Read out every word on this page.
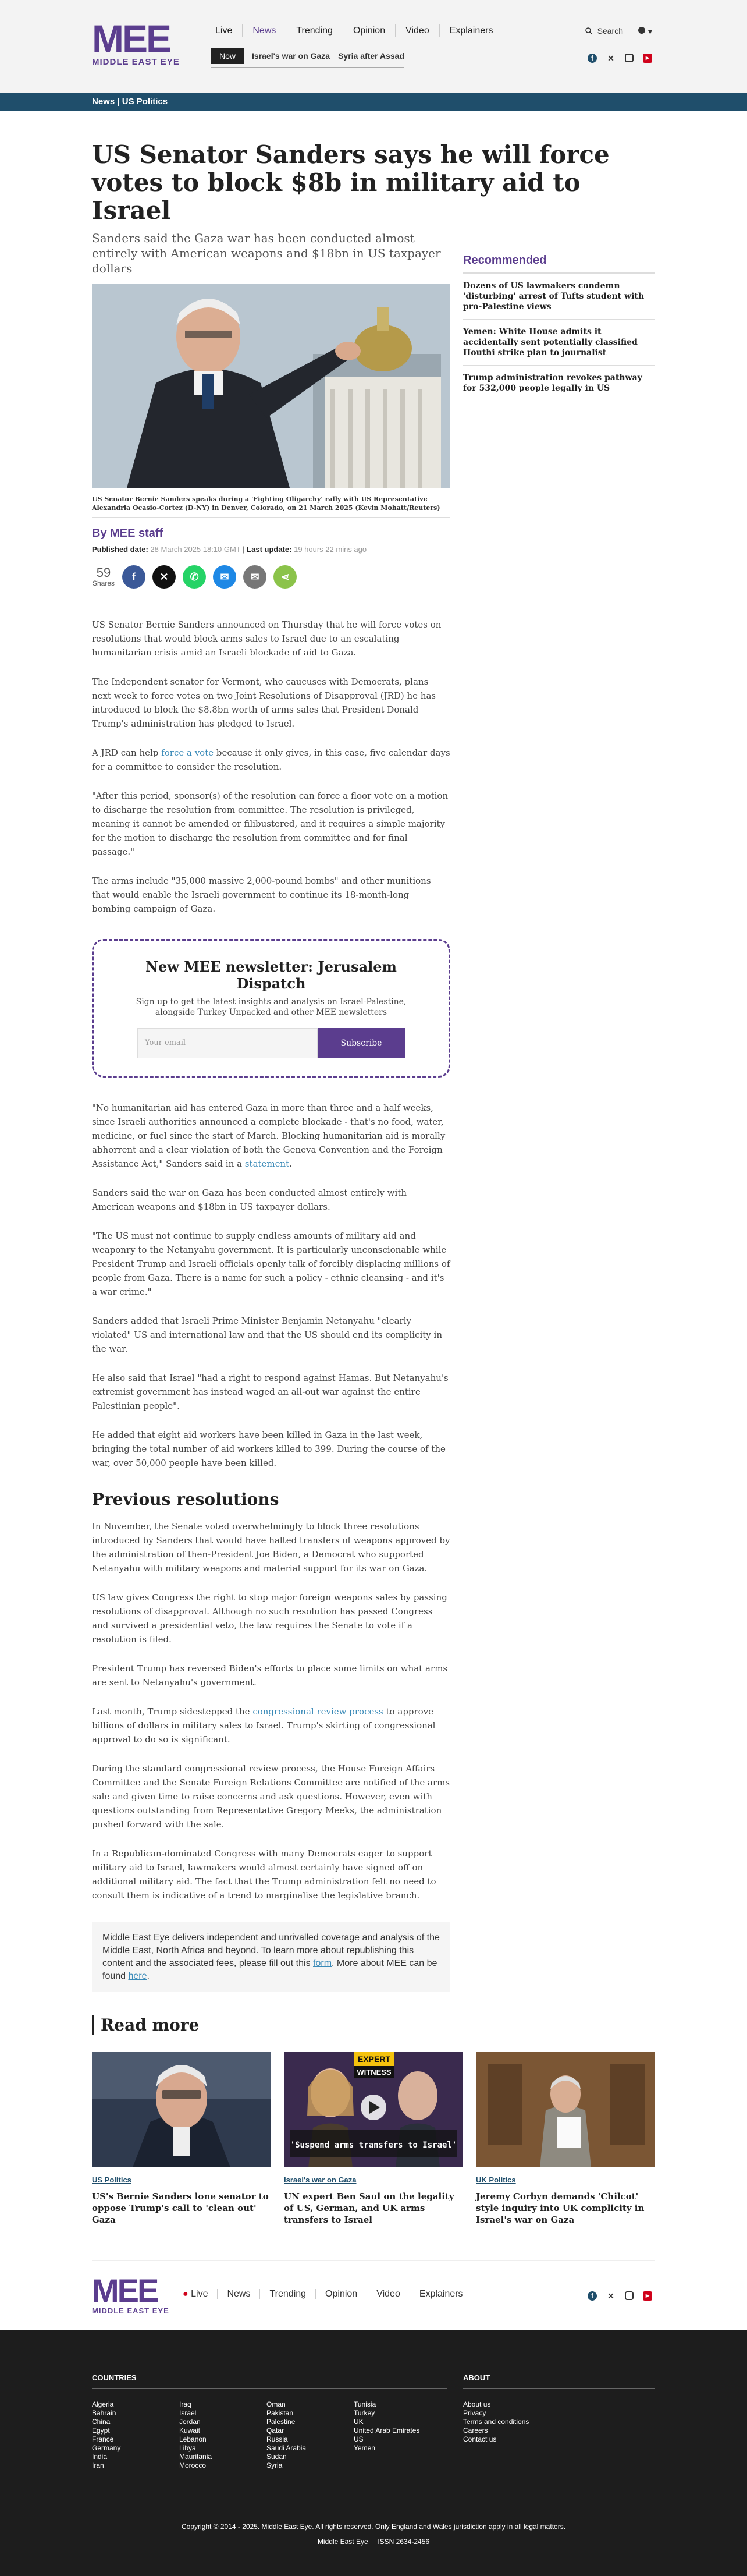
MEE
MIDDLE EAST EYE
Live	News	Trending	Opinion	Video	Explainers	Search	▾
Now	Israel's war on Gaza Syria after Assad	f	✕	▶
News | US Politics
US Senator Sanders says he will force votes to block $8b in military aid to Israel

Sanders said the Gaza war has been conducted almost entirely with American weapons and $18bn in US taxpayer dollars

US Senator Bernie Sanders speaks during a 'Fighting Oligarchy' rally with US Representative Alexandria Ocasio-Cortez (D-NY) in Denver, Colorado, on 21 March 2025 (Kevin Mohatt/Reuters)

By MEE staff
Published date: 28 March 2025 18:10 GMT | Last update: 19 hours 22 mins ago
59
Shares
f	✕	✆	✉	✉	⋖

US Senator Bernie Sanders announced on Thursday that he will force votes on resolutions that would block arms sales to Israel due to an escalating humanitarian crisis amid an Israeli blockade of aid to Gaza.

The Independent senator for Vermont, who caucuses with Democrats, plans next week to force votes on two Joint Resolutions of Disapproval (JRD) he has introduced to block the $8.8bn worth of arms sales that President Donald Trump's administration has pledged to Israel.

A JRD can help force a vote because it only gives, in this case, five calendar days for a committee to consider the resolution.

"After this period, sponsor(s) of the resolution can force a floor vote on a motion to discharge the resolution from committee. The resolution is privileged, meaning it cannot be amended or filibustered, and it requires a simple majority for the motion to discharge the resolution from committee and for final passage."

The arms include "35,000 massive 2,000-pound bombs" and other munitions that would enable the Israeli government to continue its 18-month-long bombing campaign of Gaza.

New MEE newsletter: Jerusalem Dispatch

Sign up to get the latest insights and analysis on Israel-Palestine, alongside Turkey Unpacked and other MEE newsletters

Your email	Subscribe

"No humanitarian aid has entered Gaza in more than three and a half weeks, since Israeli authorities announced a complete blockade - that's no food, water, medicine, or fuel since the start of March. Blocking humanitarian aid is morally abhorrent and a clear violation of both the Geneva Convention and the Foreign Assistance Act," Sanders said in a statement.

Sanders said the war on Gaza has been conducted almost entirely with American weapons and $18bn in US taxpayer dollars.

"The US must not continue to supply endless amounts of military aid and weaponry to the Netanyahu government. It is particularly unconscionable while President Trump and Israeli officials openly talk of forcibly displacing millions of people from Gaza. There is a name for such a policy - ethnic cleansing - and it's a war crime."

Sanders added that Israeli Prime Minister Benjamin Netanyahu "clearly violated" US and international law and that the US should end its complicity in the war.

He also said that Israel "had a right to respond against Hamas. But Netanyahu's extremist government has instead waged an all-out war against the entire Palestinian people".

He added that eight aid workers have been killed in Gaza in the last week, bringing the total number of aid workers killed to 399. During the course of the war, over 50,000 people have been killed.

Previous resolutions

In November, the Senate voted overwhelmingly to block three resolutions introduced by Sanders that would have halted transfers of weapons approved by the administration of then-President Joe Biden, a Democrat who supported Netanyahu with military weapons and material support for its war on Gaza.

US law gives Congress the right to stop major foreign weapons sales by passing resolutions of disapproval. Although no such resolution has passed Congress and survived a presidential veto, the law requires the Senate to vote if a resolution is filed.

President Trump has reversed Biden's efforts to place some limits on what arms are sent to Netanyahu's government.

Last month, Trump sidestepped the congressional review process to approve billions of dollars in military sales to Israel. Trump's skirting of congressional approval to do so is significant.

During the standard congressional review process, the House Foreign Affairs Committee and the Senate Foreign Relations Committee are notified of the arms sale and given time to raise concerns and ask questions. However, even with questions outstanding from Representative Gregory Meeks, the administration pushed forward with the sale.

In a Republican-dominated Congress with many Democrats eager to support military aid to Israel, lawmakers would almost certainly have signed off on additional military aid. The fact that the Trump administration felt no need to consult them is indicative of a trend to marginalise the legislative branch.

Middle East Eye delivers independent and unrivalled coverage and analysis of the Middle East, North Africa and beyond. To learn more about republishing this content and the associated fees, please fill out this form. More about MEE can be found here.
Recommended
Dozens of US lawmakers condemn 'disturbing' arrest of Tufts student with pro-Palestine views
Yemen: White House admits it accidentally sent potentially classified Houthi strike plan to journalist
Trump administration revokes pathway for 532,000 people legally in US
Read more
US Politics
US's Bernie Sanders lone senator to oppose Trump's call to 'clean out' Gaza
EXPERT
WITNESS
'Suspend arms transfers to Israel'
Israel's war on Gaza
UN expert Ben Saul on the legality of US, German, and UK arms transfers to Israel
UK Politics
Jeremy Corbyn demands 'Chilcot' style inquiry into UK complicity in Israel's war on Gaza
MEE
MIDDLE EAST EYE
● Live	News	Trending	Opinion	Video	Explainers	f	✕	▶
COUNTRIES
Algeria
Bahrain
China
Egypt
France
Germany
India
Iran
Iraq
Israel
Jordan
Kuwait
Lebanon
Libya
Mauritania
Morocco
Oman
Pakistan
Palestine
Qatar
Russia
Saudi Arabia
Sudan
Syria
Tunisia
Turkey
UK
United Arab Emirates
US
Yemen
ABOUT
About us
Privacy
Terms and conditions
Careers
Contact us
Copyright © 2014 - 2025. Middle East Eye. All rights reserved. Only England and Wales jurisdiction apply in all legal matters.
Middle East Eye     ISSN 2634-2456
